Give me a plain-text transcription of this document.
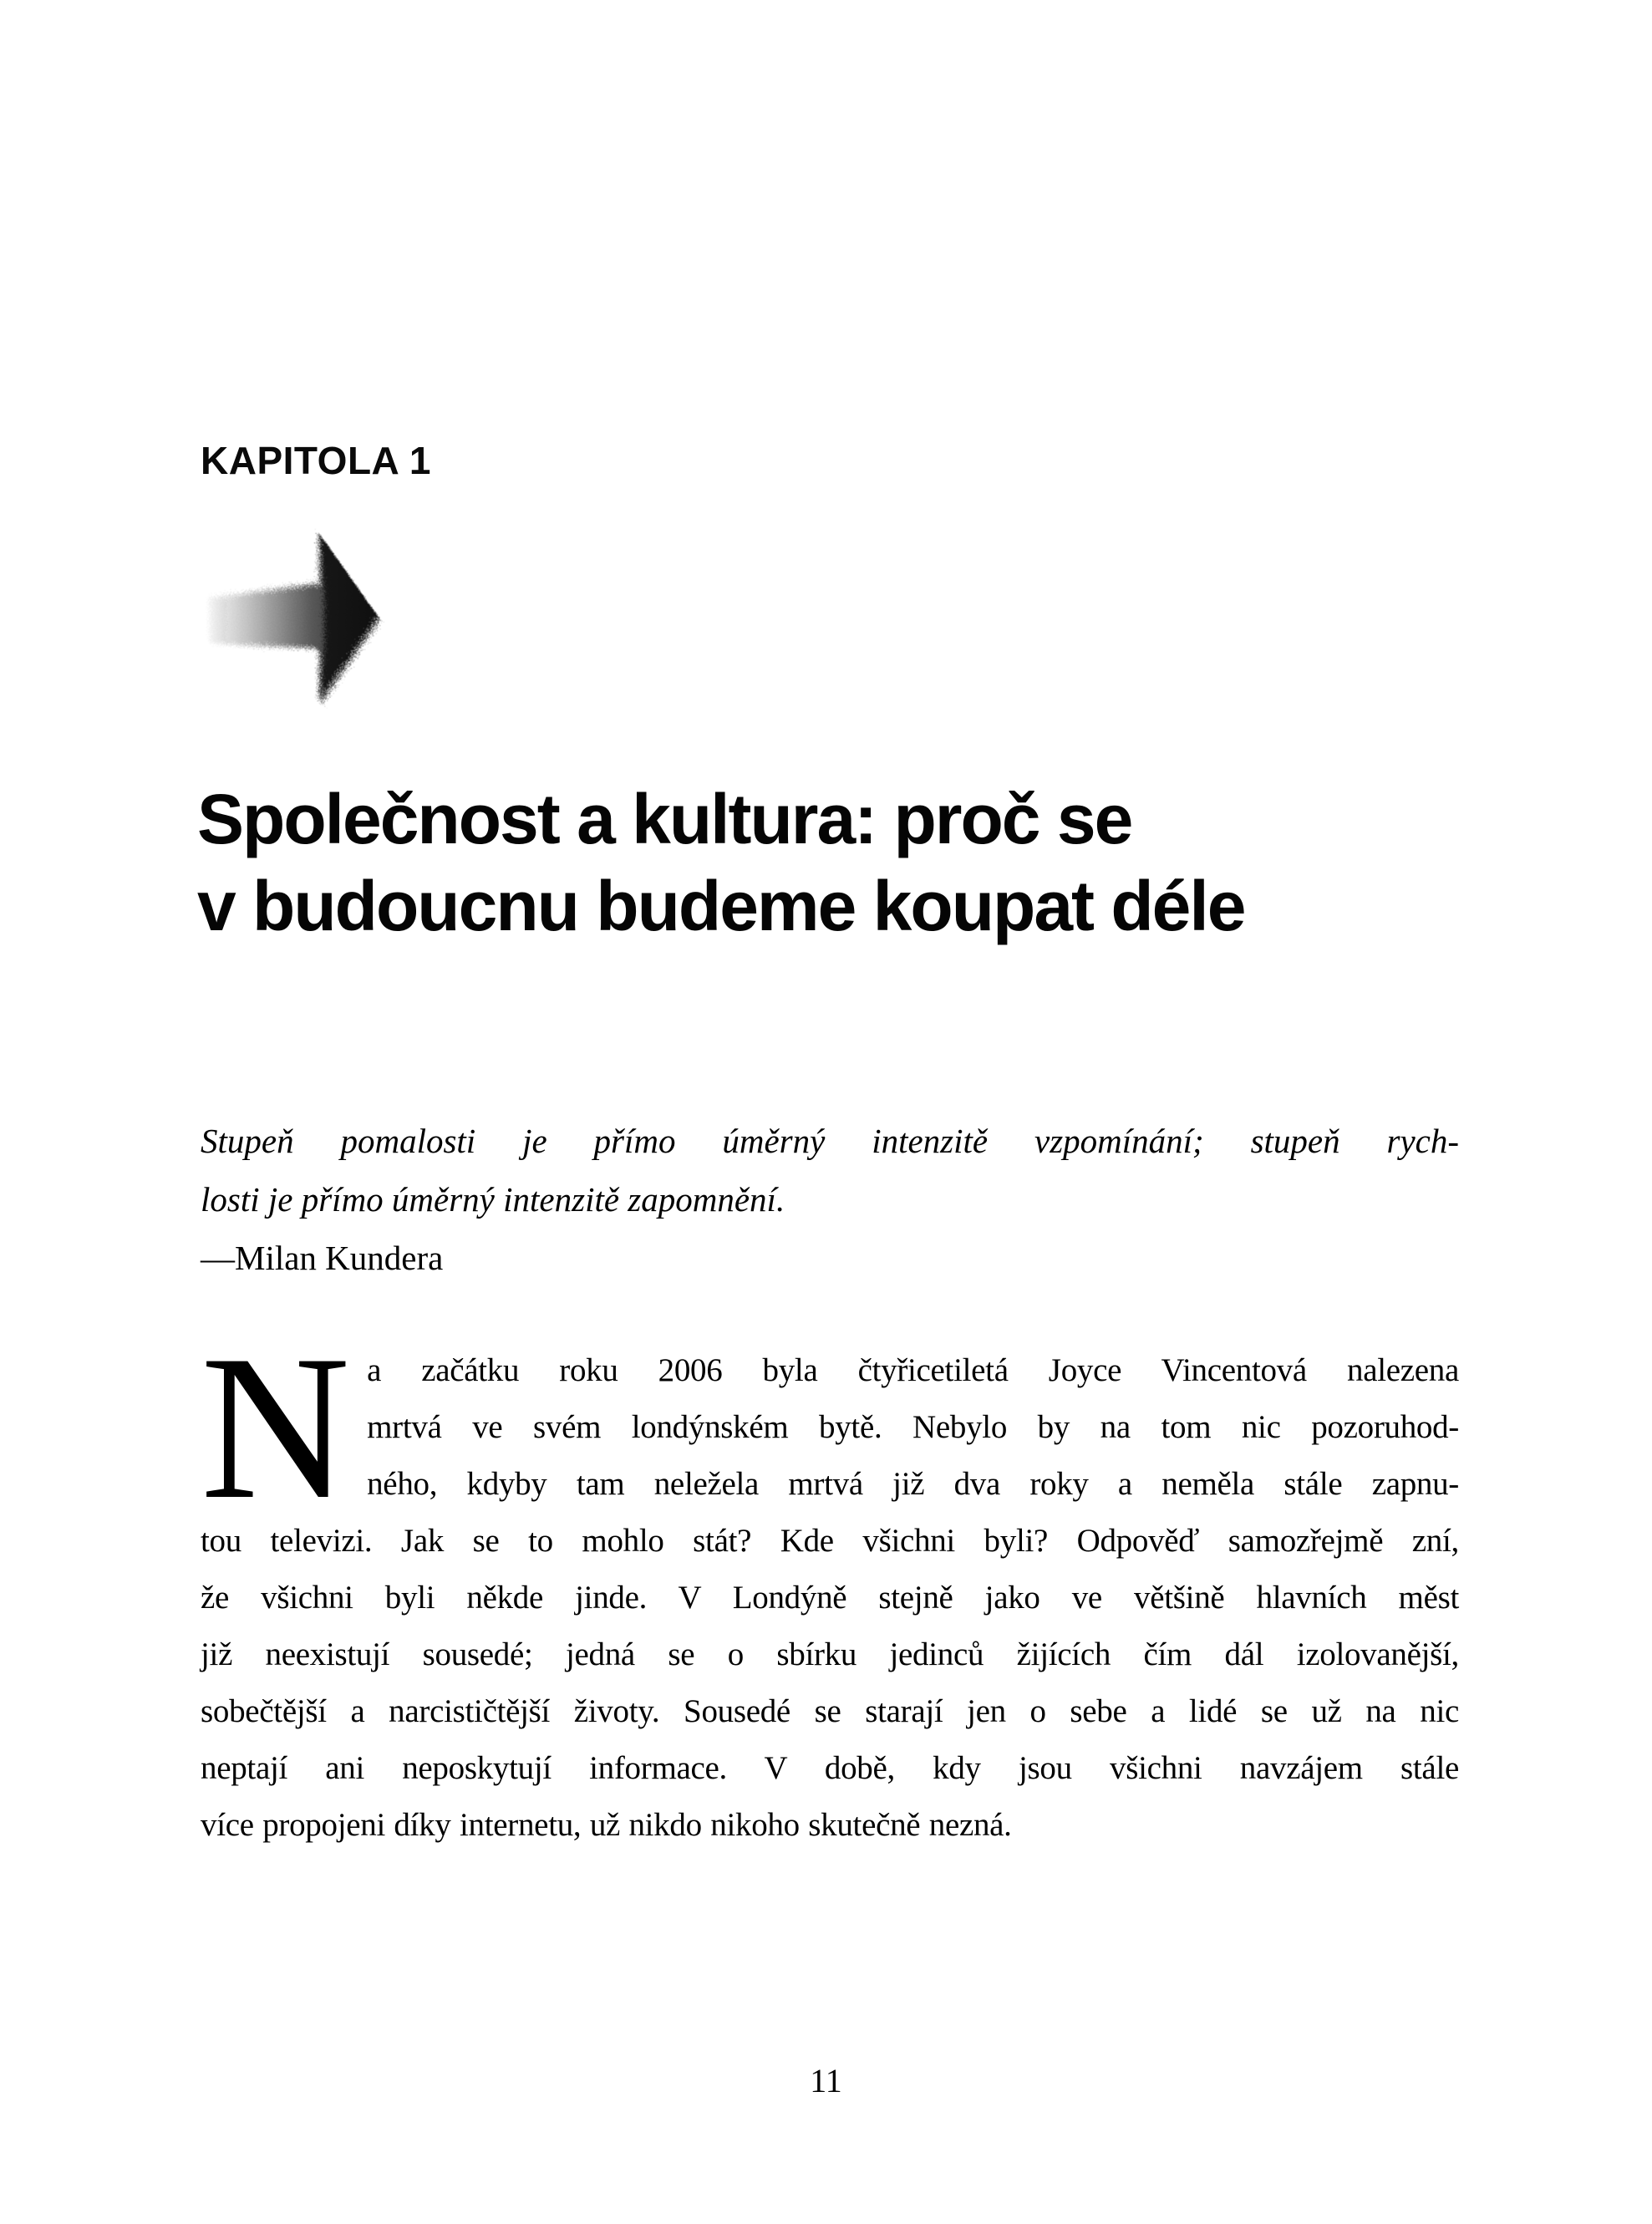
KAPITOLA 1
Společnost a kultura: proč se
v budoucnu budeme koupat déle
Stupeň pomalosti je přímo úměrný intenzitě vzpomínání; stupeň rych-
losti je přímo úměrný intenzitě zapomnění.
—Milan Kundera
N a začátku roku 2006 byla čtyřicetiletá Joyce Vincentová nalezena
mrtvá ve svém londýnském bytě. Nebylo by na tom nic pozoruhod-
ného, kdyby tam neležela mrtvá již dva roky a neměla stále zapnu-
tou televizi. Jak se to mohlo stát? Kde všichni byli? Odpověď samozřejmě zní,
že všichni byli někde jinde. V Londýně stejně jako ve většině hlavních měst
již neexistují sousedé; jedná se o sbírku jedinců žijících čím dál izolovanější,
sobečtější a narcističtější životy. Sousedé se starají jen o sebe a lidé se už na nic
neptají ani neposkytují informace. V době, kdy jsou všichni navzájem stále
více propojeni díky internetu, už nikdo nikoho skutečně nezná.
11
